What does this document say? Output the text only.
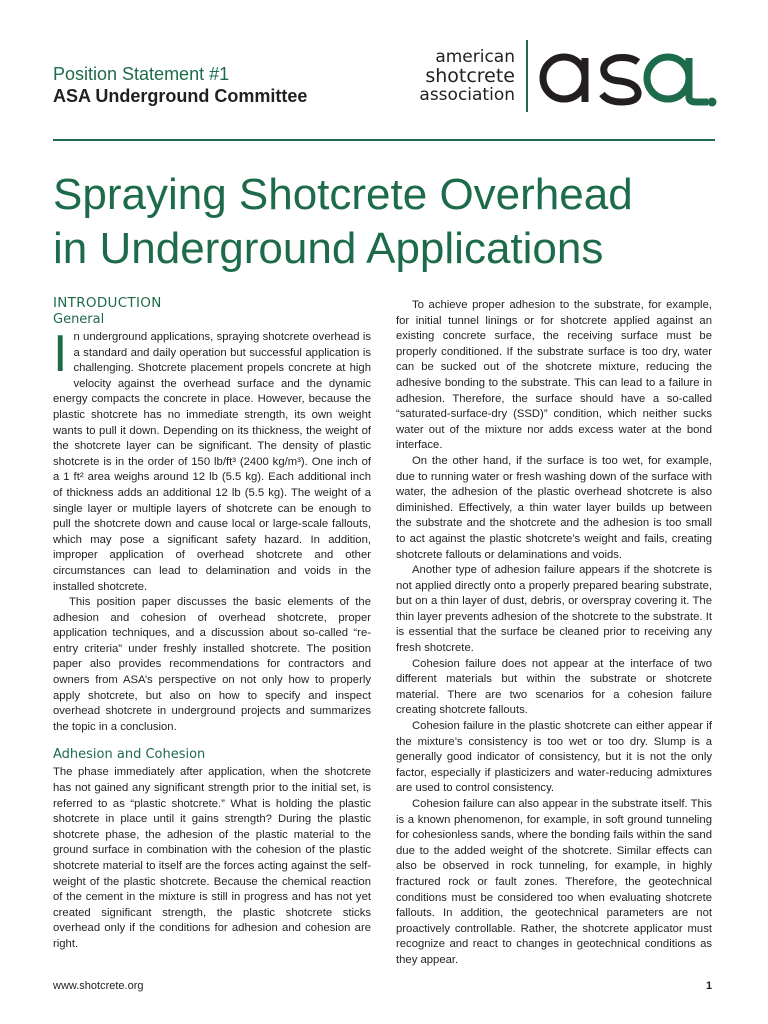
Position Statement #1
ASA Underground Committee
american
shotcrete
association
Spraying Shotcrete Overhead
in Underground Applications
INTRODUCTION
General

In underground applications, spraying shotcrete overhead is a standard and daily operation but successful application is challenging. Shotcrete placement propels concrete at high velocity against the overhead surface and the dynamic energy compacts the concrete in place. However, because the plastic shotcrete has no immediate strength, its own weight wants to pull it down. Depending on its thickness, the weight of the shotcrete layer can be significant. The density of plastic shotcrete is in the order of 150 lb/ft³ (2400 kg/m³). One inch of a 1 ft² area weighs around 12 lb (5.5 kg). Each additional inch of thickness adds an additional 12 lb (5.5 kg). The weight of a single layer or multiple layers of shotcrete can be enough to pull the shotcrete down and cause local or large-scale fallouts, which may pose a significant safety hazard. In addition, improper application of overhead shotcrete and other circumstances can lead to delamination and voids in the installed shotcrete.

This position paper discusses the basic elements of the adhesion and cohesion of overhead shotcrete, proper application techniques, and a discussion about so-called “re-entry criteria” under freshly installed shotcrete. The position paper also provides recommendations for contractors and owners from ASA’s perspective on not only how to properly apply shotcrete, but also on how to specify and inspect overhead shotcrete in underground projects and summarizes the topic in a conclusion.

Adhesion and Cohesion

The phase immediately after application, when the shotcrete has not gained any significant strength prior to the initial set, is referred to as “plastic shotcrete.” What is holding the plastic shotcrete in place until it gains strength? During the plastic shotcrete phase, the adhesion of the plastic material to the ground surface in combination with the cohesion of the plastic shotcrete material to itself are the forces acting against the self-weight of the plastic shotcrete. Because the chemical reaction of the cement in the mixture is still in progress and has not yet created significant strength, the plastic shotcrete sticks overhead only if the conditions for adhesion and cohesion are right.

To achieve proper adhesion to the substrate, for example, for initial tunnel linings or for shotcrete applied against an existing concrete surface, the receiving surface must be properly conditioned. If the substrate surface is too dry, water can be sucked out of the shotcrete mixture, reducing the adhesive bonding to the substrate. This can lead to a failure in adhesion. Therefore, the surface should have a so-called “saturated-surface-dry (SSD)” condition, which neither sucks water out of the mixture nor adds excess water at the bond interface.

On the other hand, if the surface is too wet, for example, due to running water or fresh washing down of the surface with water, the adhesion of the plastic overhead shotcrete is also diminished. Effectively, a thin water layer builds up between the substrate and the shotcrete and the adhesion is too small to act against the plastic shotcrete’s weight and fails, creating shotcrete fallouts or delaminations and voids.

Another type of adhesion failure appears if the shotcrete is not applied directly onto a properly prepared bearing substrate, but on a thin layer of dust, debris, or overspray covering it. The thin layer prevents adhesion of the shotcrete to the substrate. It is essential that the surface be cleaned prior to receiving any fresh shotcrete.

Cohesion failure does not appear at the interface of two different materials but within the substrate or shotcrete material. There are two scenarios for a cohesion failure creating shotcrete fallouts.

Cohesion failure in the plastic shotcrete can either appear if the mixture’s consistency is too wet or too dry. Slump is a generally good indicator of consistency, but it is not the only factor, especially if plasticizers and water-reducing admixtures are used to control consistency.

Cohesion failure can also appear in the substrate itself. This is a known phenomenon, for example, in soft ground tunneling for cohesionless sands, where the bonding fails within the sand due to the added weight of the shotcrete. Similar effects can also be observed in rock tunneling, for example, in highly fractured rock or fault zones. Therefore, the geotechnical conditions must be considered too when evaluating shotcrete fallouts. In addition, the geotechnical parameters are not proactively controllable. Rather, the shotcrete applicator must recognize and react to changes in geotechnical conditions as they appear.

www.shotcrete.org	1
